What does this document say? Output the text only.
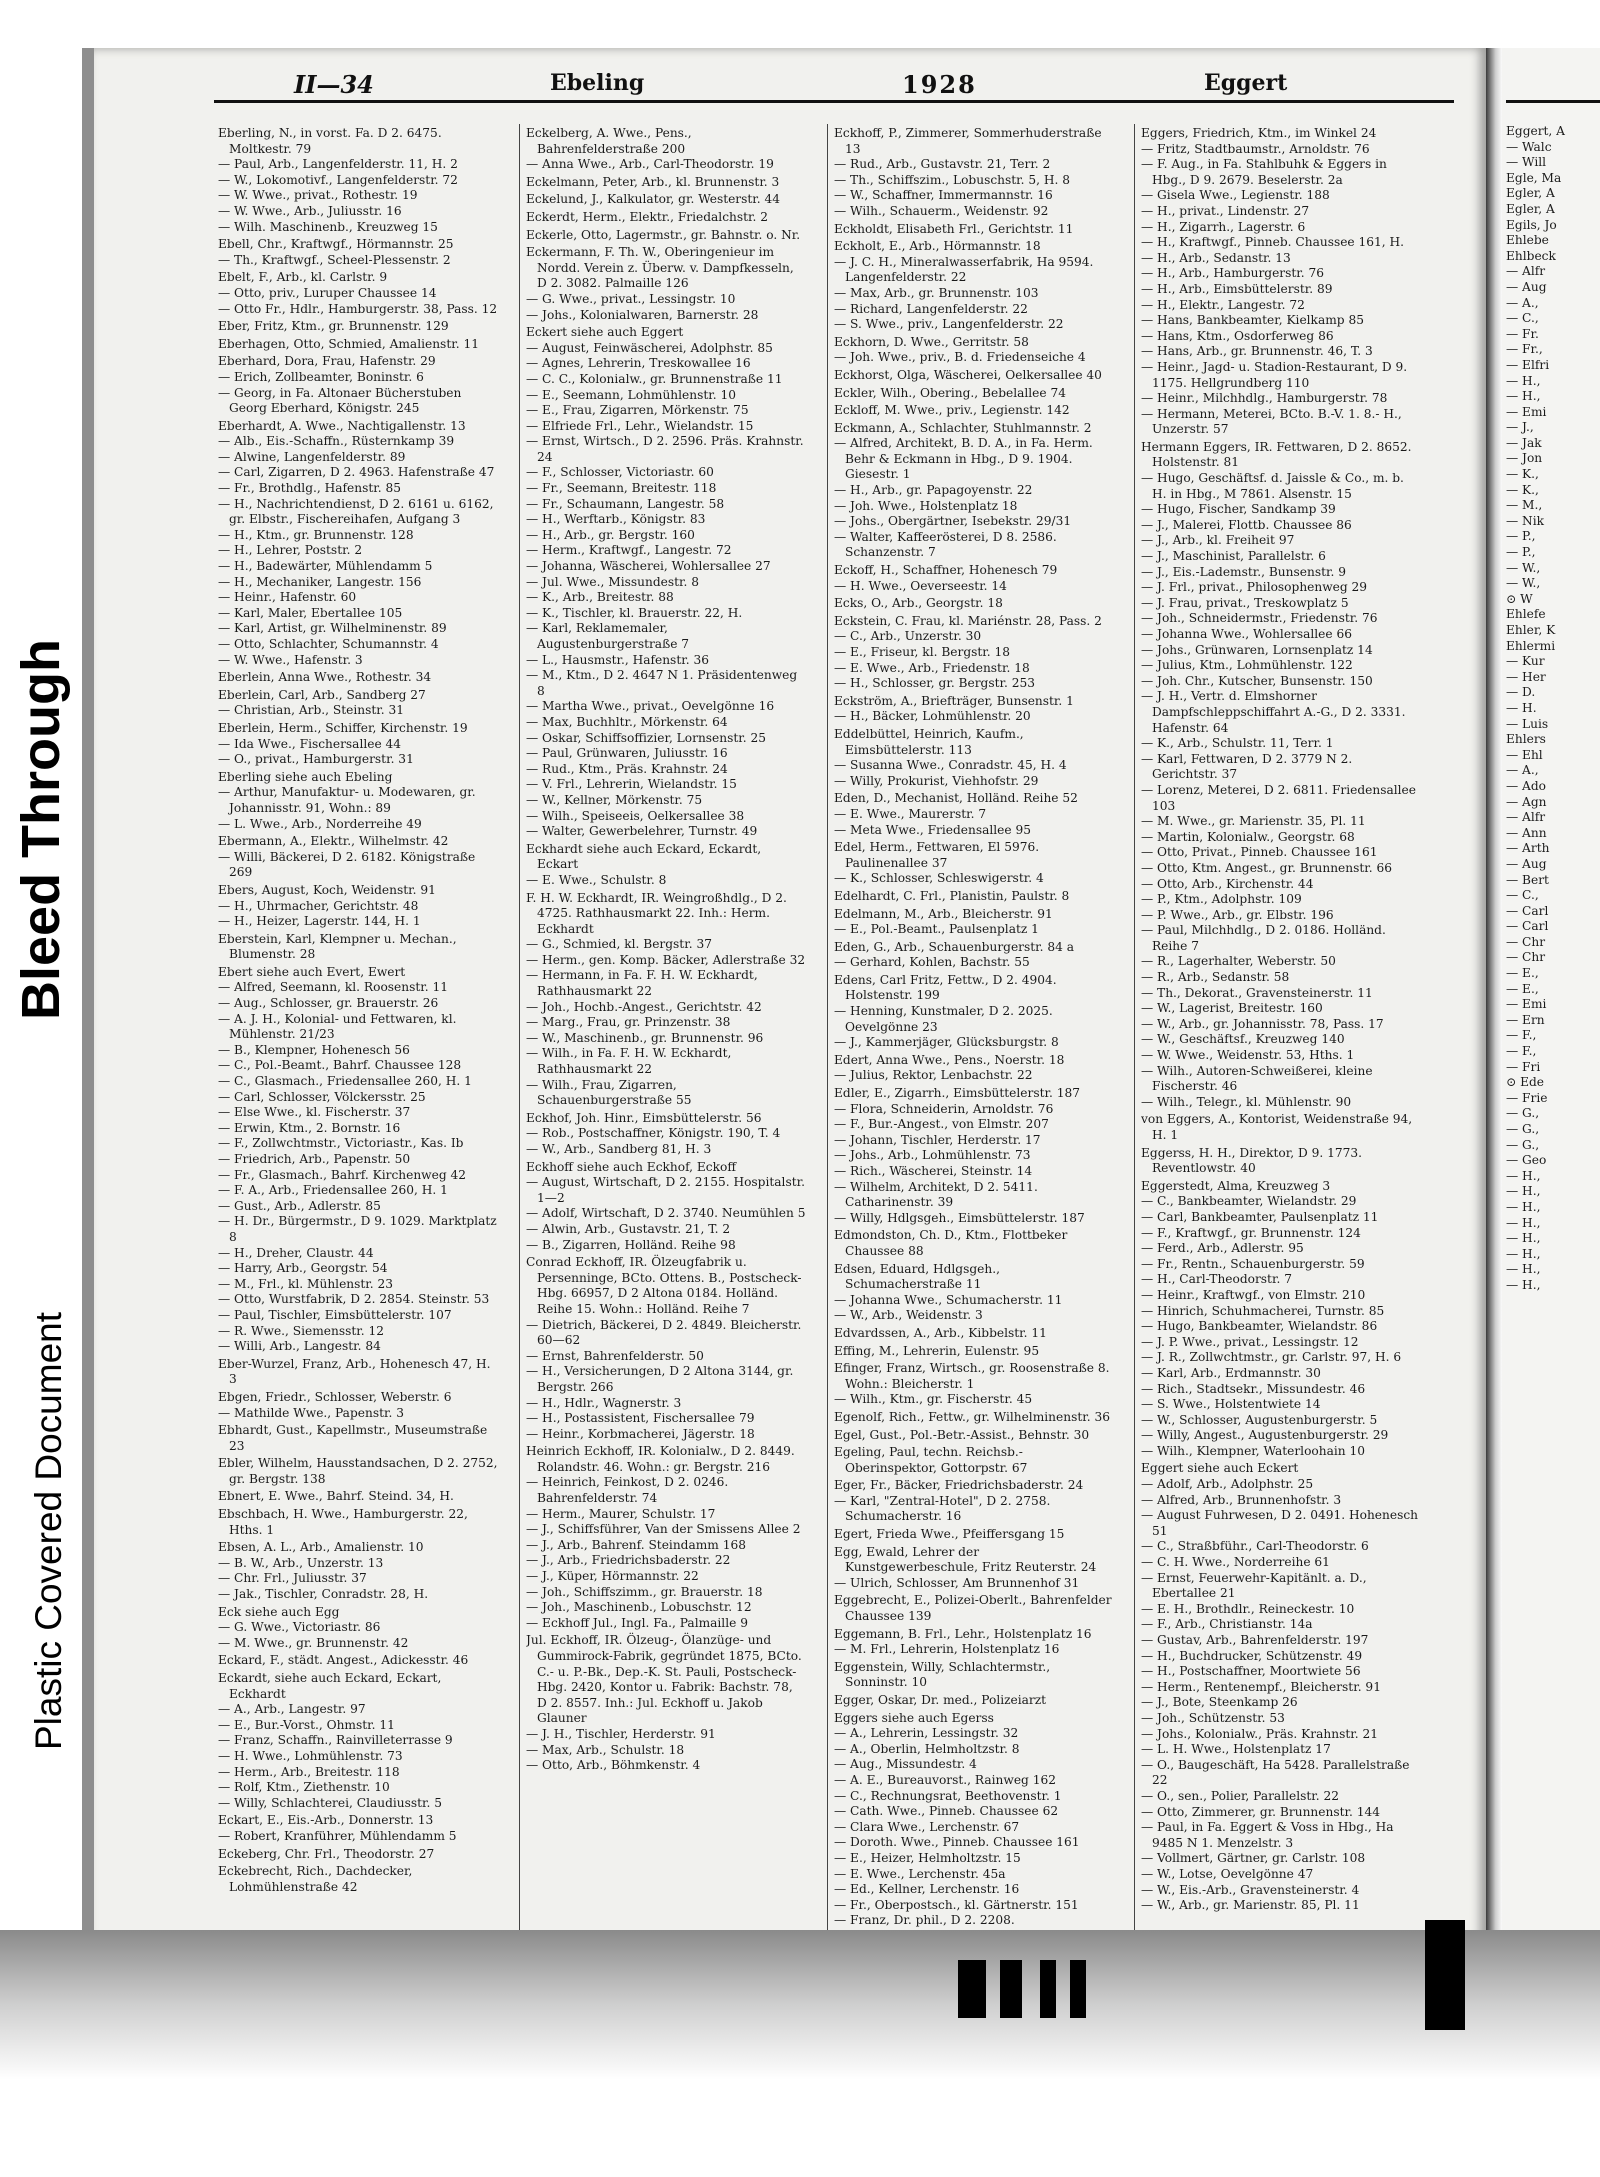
Plastic Covered Document
Bleed Through
II—34	Ebeling	1928	Eggert

Eberling, N., in vorst. Fa. D 2. 6475. Moltkestr. 79

— Paul, Arb., Langenfelderstr. 11, H. 2

— W., Lokomotivf., Langenfelderstr. 72

— W. Wwe., privat., Rothestr. 19

— W. Wwe., Arb., Juliusstr. 16

— Wilh. Maschinenb., Kreuzweg 15

Ebell, Chr., Kraftwgf., Hörmannstr. 25

— Th., Kraftwgf., Scheel-Plessenstr. 2

Ebelt, F., Arb., kl. Carlstr. 9

— Otto, priv., Luruper Chaussee 14

— Otto Fr., Hdlr., Hamburgerstr. 38, Pass. 12

Eber, Fritz, Ktm., gr. Brunnenstr. 129

Eberhagen, Otto, Schmied, Amalienstr. 11

Eberhard, Dora, Frau, Hafenstr. 29

— Erich, Zollbeamter, Boninstr. 6

— Georg, in Fa. Altonaer Bücherstuben Georg Eberhard, Königstr. 245

Eberhardt, A. Wwe., Nachtigallenstr. 13

— Alb., Eis.-Schaffn., Rüsternkamp 39

— Alwine, Langenfelderstr. 89

— Carl, Zigarren, D 2. 4963. Hafenstraße 47

— Fr., Brothdlg., Hafenstr. 85

— H., Nachrichtendienst, D 2. 6161 u. 6162, gr. Elbstr., Fischereihafen, Aufgang 3

— H., Ktm., gr. Brunnenstr. 128

— H., Lehrer, Poststr. 2

— H., Badewärter, Mühlendamm 5

— H., Mechaniker, Langestr. 156

— Heinr., Hafenstr. 60

— Karl, Maler, Ebertallee 105

— Karl, Artist, gr. Wilhelminenstr. 89

— Otto, Schlachter, Schumannstr. 4

— W. Wwe., Hafenstr. 3

Eberlein, Anna Wwe., Rothestr. 34

Eberlein, Carl, Arb., Sandberg 27

— Christian, Arb., Steinstr. 31

Eberlein, Herm., Schiffer, Kirchenstr. 19

— Ida Wwe., Fischersallee 44

— O., privat., Hamburgerstr. 31

Eberling siehe auch Ebeling

— Arthur, Manufaktur- u. Modewaren, gr. Johannisstr. 91, Wohn.: 89

— L. Wwe., Arb., Norderreihe 49

Ebermann, A., Elektr., Wilhelmstr. 42

— Willi, Bäckerei, D 2. 6182. Königstraße 269

Ebers, August, Koch, Weidenstr. 91

— H., Uhrmacher, Gerichtstr. 48

— H., Heizer, Lagerstr. 144, H. 1

Eberstein, Karl, Klempner u. Mechan., Blumenstr. 28

Ebert siehe auch Evert, Ewert

— Alfred, Seemann, kl. Roosenstr. 11

— Aug., Schlosser, gr. Brauerstr. 26

— A. J. H., Kolonial- und Fettwaren, kl. Mühlenstr. 21/23

— B., Klempner, Hohenesch 56

— C., Pol.-Beamt., Bahrf. Chaussee 128

— C., Glasmach., Friedensallee 260, H. 1

— Carl, Schlosser, Völckersstr. 25

— Else Wwe., kl. Fischerstr. 37

— Erwin, Ktm., 2. Bornstr. 16

— F., Zollwchtmstr., Victoriastr., Kas. Ib

— Friedrich, Arb., Papenstr. 50

— Fr., Glasmach., Bahrf. Kirchenweg 42

— F. A., Arb., Friedensallee 260, H. 1

— Gust., Arb., Adlerstr. 85

— H. Dr., Bürgermstr., D 9. 1029. Marktplatz 8

— H., Dreher, Claustr. 44

— Harry, Arb., Georgstr. 54

— M., Frl., kl. Mühlenstr. 23

— Otto, Wurstfabrik, D 2. 2854. Steinstr. 53

— Paul, Tischler, Eimsbüttelerstr. 107

— R. Wwe., Siemensstr. 12

— Willi, Arb., Langestr. 84

Eber-Wurzel, Franz, Arb., Hohenesch 47, H. 3

Ebgen, Friedr., Schlosser, Weberstr. 6

— Mathilde Wwe., Papenstr. 3

Ebhardt, Gust., Kapellmstr., Museumstraße 23

Ebler, Wilhelm, Hausstandsachen, D 2. 2752, gr. Bergstr. 138

Ebnert, E. Wwe., Bahrf. Steind. 34, H.

Ebschbach, H. Wwe., Hamburgerstr. 22, Hths. 1

Ebsen, A. L., Arb., Amalienstr. 10

— B. W., Arb., Unzerstr. 13

— Chr. Frl., Juliusstr. 37

— Jak., Tischler, Conradstr. 28, H.

Eck siehe auch Egg

— G. Wwe., Victoriastr. 86

— M. Wwe., gr. Brunnenstr. 42

Eckard, F., städt. Angest., Adickesstr. 46

Eckardt, siehe auch Eckard, Eckart, Eckhardt

— A., Arb., Langestr. 97

— E., Bur.-Vorst., Ohmstr. 11

— Franz, Schaffn., Rainvilleterrasse 9

— H. Wwe., Lohmühlenstr. 73

— Herm., Arb., Breitestr. 118

— Rolf, Ktm., Ziethenstr. 10

— Willy, Schlachterei, Claudiusstr. 5

Eckart, E., Eis.-Arb., Donnerstr. 13

— Robert, Kranführer, Mühlendamm 5

Eckeberg, Chr. Frl., Theodorstr. 27

Eckebrecht, Rich., Dachdecker, Lohmühlenstraße 42

Eckelberg, A. Wwe., Pens., Bahrenfelderstraße 200

— Anna Wwe., Arb., Carl-Theodorstr. 19

Eckelmann, Peter, Arb., kl. Brunnenstr. 3

Eckelund, J., Kalkulator, gr. Westerstr. 44

Eckerdt, Herm., Elektr., Friedalchstr. 2

Eckerle, Otto, Lagermstr., gr. Bahnstr. o. Nr.

Eckermann, F. Th. W., Oberingenieur im Nordd. Verein z. Überw. v. Dampfkesseln, D 2. 3082. Palmaille 126

— G. Wwe., privat., Lessingstr. 10

— Johs., Kolonialwaren, Barnerstr. 28

Eckert siehe auch Eggert

— August, Feinwäscherei, Adolphstr. 85

— Agnes, Lehrerin, Treskowallee 16

— C. C., Kolonialw., gr. Brunnenstraße 11

— E., Seemann, Lohmühlenstr. 10

— E., Frau, Zigarren, Mörkenstr. 75

— Elfriede Frl., Lehr., Wielandstr. 15

— Ernst, Wirtsch., D 2. 2596. Präs. Krahnstr. 24

— F., Schlosser, Victoriastr. 60

— Fr., Seemann, Breitestr. 118

— Fr., Schaumann, Langestr. 58

— H., Werftarb., Königstr. 83

— H., Arb., gr. Bergstr. 160

— Herm., Kraftwgf., Langestr. 72

— Johanna, Wäscherei, Wohlersallee 27

— Jul. Wwe., Missundestr. 8

— K., Arb., Breitestr. 88

— K., Tischler, kl. Brauerstr. 22, H.

— Karl, Reklamemaler, Augustenburgerstraße 7

— L., Hausmstr., Hafenstr. 36

— M., Ktm., D 2. 4647 N 1. Präsidentenweg 8

— Martha Wwe., privat., Oevelgönne 16

— Max, Buchhltr., Mörkenstr. 64

— Oskar, Schiffsoffizier, Lornsenstr. 25

— Paul, Grünwaren, Juliusstr. 16

— Rud., Ktm., Präs. Krahnstr. 24

— V. Frl., Lehrerin, Wielandstr. 15

— W., Kellner, Mörkenstr. 75

— Wilh., Speiseeis, Oelkersallee 38

— Walter, Gewerbelehrer, Turnstr. 49

Eckhardt siehe auch Eckard, Eckardt, Eckart

— E. Wwe., Schulstr. 8

F. H. W. Eckhardt, IR. Weingroßhdlg., D 2. 4725. Rathhausmarkt 22. Inh.: Herm. Eckhardt

— G., Schmied, kl. Bergstr. 37

— Herm., gen. Komp. Bäcker, Adlerstraße 32

— Hermann, in Fa. F. H. W. Eckhardt, Rathhausmarkt 22

— Joh., Hochb.-Angest., Gerichtstr. 42

— Marg., Frau, gr. Prinzenstr. 38

— W., Maschinenb., gr. Brunnenstr. 96

— Wilh., in Fa. F. H. W. Eckhardt, Rathhausmarkt 22

— Wilh., Frau, Zigarren, Schauenburgerstraße 55

Eckhof, Joh. Hinr., Eimsbüttelerstr. 56

— Rob., Postschaffner, Königstr. 190, T. 4

— W., Arb., Sandberg 81, H. 3

Eckhoff siehe auch Eckhof, Eckoff

— August, Wirtschaft, D 2. 2155. Hospitalstr. 1—2

— Adolf, Wirtschaft, D 2. 3740. Neumühlen 5

— Alwin, Arb., Gustavstr. 21, T. 2

— B., Zigarren, Holländ. Reihe 98

Conrad Eckhoff, IR. Ölzeugfabrik u. Persenninge, BCto. Ottens. B., Postscheck-Hbg. 66957, D 2 Altona 0184. Holländ. Reihe 15. Wohn.: Holländ. Reihe 7

— Dietrich, Bäckerei, D 2. 4849. Bleicherstr. 60—62

— Ernst, Bahrenfelderstr. 50

— H., Versicherungen, D 2 Altona 3144, gr. Bergstr. 266

— H., Hdlr., Wagnerstr. 3

— H., Postassistent, Fischersallee 79

— Heinr., Korbmacherei, Jägerstr. 18

Heinrich Eckhoff, IR. Kolonialw., D 2. 8449. Rolandstr. 46. Wohn.: gr. Bergstr. 216

— Heinrich, Feinkost, D 2. 0246. Bahrenfelderstr. 74

— Herm., Maurer, Schulstr. 17

— J., Schiffsführer, Van der Smissens Allee 2

— J., Arb., Bahrenf. Steindamm 168

— J., Arb., Friedrichsbaderstr. 22

— J., Küper, Hörmannstr. 22

— Joh., Schiffszimm., gr. Brauerstr. 18

— Joh., Maschinenb., Lobuschstr. 12

— Eckhoff Jul., Ingl. Fa., Palmaille 9

Jul. Eckhoff, IR. Ölzeug-, Ölanzüge- und Gummirock-Fabrik, gegründet 1875, BCto. C.- u. P.-Bk., Dep.-K. St. Pauli, Postscheck-Hbg. 2420, Kontor u. Fabrik: Bachstr. 78, D 2. 8557. Inh.: Jul. Eckhoff u. Jakob Glauner

— J. H., Tischler, Herderstr. 91

— Max, Arb., Schulstr. 18

— Otto, Arb., Böhmkenstr. 4

Eckhoff, P., Zimmerer, Sommerhuderstraße 13

— Rud., Arb., Gustavstr. 21, Terr. 2

— Th., Schiffszim., Lobuschstr. 5, H. 8

— W., Schaffner, Immermannstr. 16

— Wilh., Schauerm., Weidenstr. 92

Eckholdt, Elisabeth Frl., Gerichtstr. 11

Eckholt, E., Arb., Hörmannstr. 18

— J. C. H., Mineralwasserfabrik, Ha 9594. Langenfelderstr. 22

— Max, Arb., gr. Brunnenstr. 103

— Richard, Langenfelderstr. 22

— S. Wwe., priv., Langenfelderstr. 22

Eckhorn, D. Wwe., Gerritstr. 58

— Joh. Wwe., priv., B. d. Friedenseiche 4

Eckhorst, Olga, Wäscherei, Oelkersallee 40

Eckler, Wilh., Obering., Bebelallee 74

Eckloff, M. Wwe., priv., Legienstr. 142

Eckmann, A., Schlachter, Stuhlmannstr. 2

— Alfred, Architekt, B. D. A., in Fa. Herm. Behr & Eckmann in Hbg., D 9. 1904. Giesestr. 1

— H., Arb., gr. Papagoyenstr. 22

— Joh. Wwe., Holstenplatz 18

— Johs., Obergärtner, Isebekstr. 29/31

— Walter, Kaffeerösterei, D 8. 2586. Schanzenstr. 7

Eckoff, H., Schaffner, Hohenesch 79

— H. Wwe., Oeverseestr. 14

Ecks, O., Arb., Georgstr. 18

Eckstein, C. Frau, kl. Mariénstr. 28, Pass. 2

— C., Arb., Unzerstr. 30

— E., Friseur, kl. Bergstr. 18

— E. Wwe., Arb., Friedenstr. 18

— H., Schlosser, gr. Bergstr. 253

Eckström, A., Briefträger, Bunsenstr. 1

— H., Bäcker, Lohmühlenstr. 20

Eddelbüttel, Heinrich, Kaufm., Eimsbüttelerstr. 113

— Susanna Wwe., Conradstr. 45, H. 4

— Willy, Prokurist, Viehhofstr. 29

Eden, D., Mechanist, Holländ. Reihe 52

— E. Wwe., Maurerstr. 7

— Meta Wwe., Friedensallee 95

Edel, Herm., Fettwaren, El 5976. Paulinenallee 37

— K., Schlosser, Schleswigerstr. 4

Edelhardt, C. Frl., Planistin, Paulstr. 8

Edelmann, M., Arb., Bleicherstr. 91

— E., Pol.-Beamt., Paulsenplatz 1

Eden, G., Arb., Schauenburgerstr. 84 a

— Gerhard, Kohlen, Bachstr. 55

Edens, Carl Fritz, Fettw., D 2. 4904. Holstenstr. 199

— Henning, Kunstmaler, D 2. 2025. Oevelgönne 23

— J., Kammerjäger, Glücksburgstr. 8

Edert, Anna Wwe., Pens., Noerstr. 18

— Julius, Rektor, Lenbachstr. 22

Edler, E., Zigarrh., Eimsbüttelerstr. 187

— Flora, Schneiderin, Arnoldstr. 76

— F., Bur.-Angest., von Elmstr. 207

— Johann, Tischler, Herderstr. 17

— Johs., Arb., Lohmühlenstr. 73

— Rich., Wäscherei, Steinstr. 14

— Wilhelm, Architekt, D 2. 5411. Catharinenstr. 39

— Willy, Hdlgsgeh., Eimsbüttelerstr. 187

Edmondston, Ch. D., Ktm., Flottbeker Chaussee 88

Edsen, Eduard, Hdlgsgeh., Schumacherstraße 11

— Johanna Wwe., Schumacherstr. 11

— W., Arb., Weidenstr. 3

Edvardssen, A., Arb., Kibbelstr. 11

Effing, M., Lehrerin, Eulenstr. 95

Efinger, Franz, Wirtsch., gr. Roosenstraße 8. Wohn.: Bleicherstr. 1

— Wilh., Ktm., gr. Fischerstr. 45

Egenolf, Rich., Fettw., gr. Wilhelminenstr. 36

Egel, Gust., Pol.-Betr.-Assist., Behnstr. 30

Egeling, Paul, techn. Reichsb.-Oberinspektor, Gottorpstr. 67

Eger, Fr., Bäcker, Friedrichsbaderstr. 24

— Karl, "Zentral-Hotel", D 2. 2758. Schumacherstr. 16

Egert, Frieda Wwe., Pfeiffersgang 15

Egg, Ewald, Lehrer der Kunstgewerbeschule, Fritz Reuterstr. 24

— Ulrich, Schlosser, Am Brunnenhof 31

Eggebrecht, E., Polizei-Oberlt., Bahrenfelder Chaussee 139

Eggemann, B. Frl., Lehr., Holstenplatz 16

— M. Frl., Lehrerin, Holstenplatz 16

Eggenstein, Willy, Schlachtermstr., Sonninstr. 10

Egger, Oskar, Dr. med., Polizeiarzt

Eggers siehe auch Egerss

— A., Lehrerin, Lessingstr. 32

— A., Oberlin, Helmholtzstr. 8

— Aug., Missundestr. 4

— A. E., Bureauvorst., Rainweg 162

— C., Rechnungsrat, Beethovenstr. 1

— Cath. Wwe., Pinneb. Chaussee 62

— Clara Wwe., Lerchenstr. 67

— Doroth. Wwe., Pinneb. Chaussee 161

— E., Heizer, Helmholtzstr. 15

— E. Wwe., Lerchenstr. 45a

— Ed., Kellner, Lerchenstr. 16

— Fr., Oberpostsch., kl. Gärtnerstr. 151

— Franz, Dr. phil., D 2. 2208.

Eggers, Friedrich, Ktm., im Winkel 24

— Fritz, Stadtbaumstr., Arnoldstr. 76

— F. Aug., in Fa. Stahlbuhk & Eggers in Hbg., D 9. 2679. Beselerstr. 2a

— Gisela Wwe., Legienstr. 188

— H., privat., Lindenstr. 27

— H., Zigarrh., Lagerstr. 6

— H., Kraftwgf., Pinneb. Chaussee 161, H.

— H., Arb., Sedanstr. 13

— H., Arb., Hamburgerstr. 76

— H., Arb., Eimsbüttelerstr. 89

— H., Elektr., Langestr. 72

— Hans, Bankbeamter, Kielkamp 85

— Hans, Ktm., Osdorferweg 86

— Hans, Arb., gr. Brunnenstr. 46, T. 3

— Heinr., Jagd- u. Stadion-Restaurant, D 9. 1175. Hellgrundberg 110

— Heinr., Milchhdlg., Hamburgerstr. 78

— Hermann, Meterei, BCto. B.-V. 1. 8.- H., Unzerstr. 57

Hermann Eggers, IR. Fettwaren, D 2. 8652. Holstenstr. 81

— Hugo, Geschäftsf. d. Jaissle & Co., m. b. H. in Hbg., M 7861. Alsenstr. 15

— Hugo, Fischer, Sandkamp 39

— J., Malerei, Flottb. Chaussee 86

— J., Arb., kl. Freiheit 97

— J., Maschinist, Parallelstr. 6

— J., Eis.-Lademstr., Bunsenstr. 9

— J. Frl., privat., Philosophenweg 29

— J. Frau, privat., Treskowplatz 5

— Joh., Schneidermstr., Friedenstr. 76

— Johanna Wwe., Wohlersallee 66

— Johs., Grünwaren, Lornsenplatz 14

— Julius, Ktm., Lohmühlenstr. 122

— Joh. Chr., Kutscher, Bunsenstr. 150

— J. H., Vertr. d. Elmshorner Dampfschleppschiffahrt A.-G., D 2. 3331. Hafenstr. 64

— K., Arb., Schulstr. 11, Terr. 1

— Karl, Fettwaren, D 2. 3779 N 2. Gerichtstr. 37

— Lorenz, Meterei, D 2. 6811. Friedensallee 103

— M. Wwe., gr. Marienstr. 35, Pl. 11

— Martin, Kolonialw., Georgstr. 68

— Otto, Privat., Pinneb. Chaussee 161

— Otto, Ktm. Angest., gr. Brunnenstr. 66

— Otto, Arb., Kirchenstr. 44

— P., Ktm., Adolphstr. 109

— P. Wwe., Arb., gr. Elbstr. 196

— Paul, Milchhdlg., D 2. 0186. Holländ. Reihe 7

— R., Lagerhalter, Weberstr. 50

— R., Arb., Sedanstr. 58

— Th., Dekorat., Gravensteinerstr. 11

— W., Lagerist, Breitestr. 160

— W., Arb., gr. Johannisstr. 78, Pass. 17

— W., Geschäftsf., Kreuzweg 140

— W. Wwe., Weidenstr. 53, Hths. 1

— Wilh., Autoren-Schweißerei, kleine Fischerstr. 46

— Wilh., Telegr., kl. Mühlenstr. 90

von Eggers, A., Kontorist, Weidenstraße 94, H. 1

Eggerss, H. H., Direktor, D 9. 1773. Reventlowstr. 40

Eggerstedt, Alma, Kreuzweg 3

— C., Bankbeamter, Wielandstr. 29

— Carl, Bankbeamter, Paulsenplatz 11

— F., Kraftwgf., gr. Brunnenstr. 124

— Ferd., Arb., Adlerstr. 95

— Fr., Rentn., Schauenburgerstr. 59

— H., Carl-Theodorstr. 7

— Heinr., Kraftwgf., von Elmstr. 210

— Hinrich, Schuhmacherei, Turnstr. 85

— Hugo, Bankbeamter, Wielandstr. 86

— J. P. Wwe., privat., Lessingstr. 12

— J. R., Zollwchtmstr., gr. Carlstr. 97, H. 6

— Karl, Arb., Erdmannstr. 30

— Rich., Stadtsekr., Missundestr. 46

— S. Wwe., Holstentwiete 14

— W., Schlosser, Augustenburgerstr. 5

— Willy, Angest., Augustenburgerstr. 29

— Wilh., Klempner, Waterloohain 10

Eggert siehe auch Eckert

— Adolf, Arb., Adolphstr. 25

— Alfred, Arb., Brunnenhofstr. 3

— August Fuhrwesen, D 2. 0491. Hohenesch 51

— C., Straßbführ., Carl-Theodorstr. 6

— C. H. Wwe., Norderreihe 61

— Ernst, Feuerwehr-Kapitänlt. a. D., Ebertallee 21

— E. H., Brothdlr., Reineckestr. 10

— F., Arb., Christianstr. 14a

— Gustav, Arb., Bahrenfelderstr. 197

— H., Buchdrucker, Schützenstr. 49

— H., Postschaffner, Moortwiete 56

— Herm., Rentenempf., Bleicherstr. 91

— J., Bote, Steenkamp 26

— Joh., Schützenstr. 53

— Johs., Kolonialw., Präs. Krahnstr. 21

— L. H. Wwe., Holstenplatz 17

— O., Baugeschäft, Ha 5428. Parallelstraße 22

— O., sen., Polier, Parallelstr. 22

— Otto, Zimmerer, gr. Brunnenstr. 144

— Paul, in Fa. Eggert & Voss in Hbg., Ha 9485 N 1. Menzelstr. 3

— Vollmert, Gärtner, gr. Carlstr. 108

— W., Lotse, Oevelgönne 47

— W., Eis.-Arb., Gravensteinerstr. 4

— W., Arb., gr. Marienstr. 85, Pl. 11

Eggert, A

— Walc

— Will

Egle, Ma

Egler, A

Egler, A

Egils, Jo

Ehlebe

Ehlbeck

— Alfr

— Aug

— A.,

— C.,

— Fr.

— Fr.,

— Elfri

— H.,

— H.,

— Emi

— J.,

— Jak

— Jon

— K.,

— K.,

— M.,

— Nik

— P.,

— P.,

— W.,

— W.,

⊙ W

Ehlefe

Ehler, K

Ehlermi

— Kur

— Her

— D.

— H.

— Luis

Ehlers

— Ehl

— A.,

— Ado

— Agn

— Alfr

— Ann

— Arth

— Aug

— Bert

— C.,

— Carl

— Carl

— Chr

— Chr

— E.,

— E.,

— Emi

— Ern

— F.,

— F.,

— Fri

⊙ Ede

— Frie

— G.,

— G.,

— G.,

— Geo

— H.,

— H.,

— H.,

— H.,

— H.,

— H.,

— H.,

— H.,
